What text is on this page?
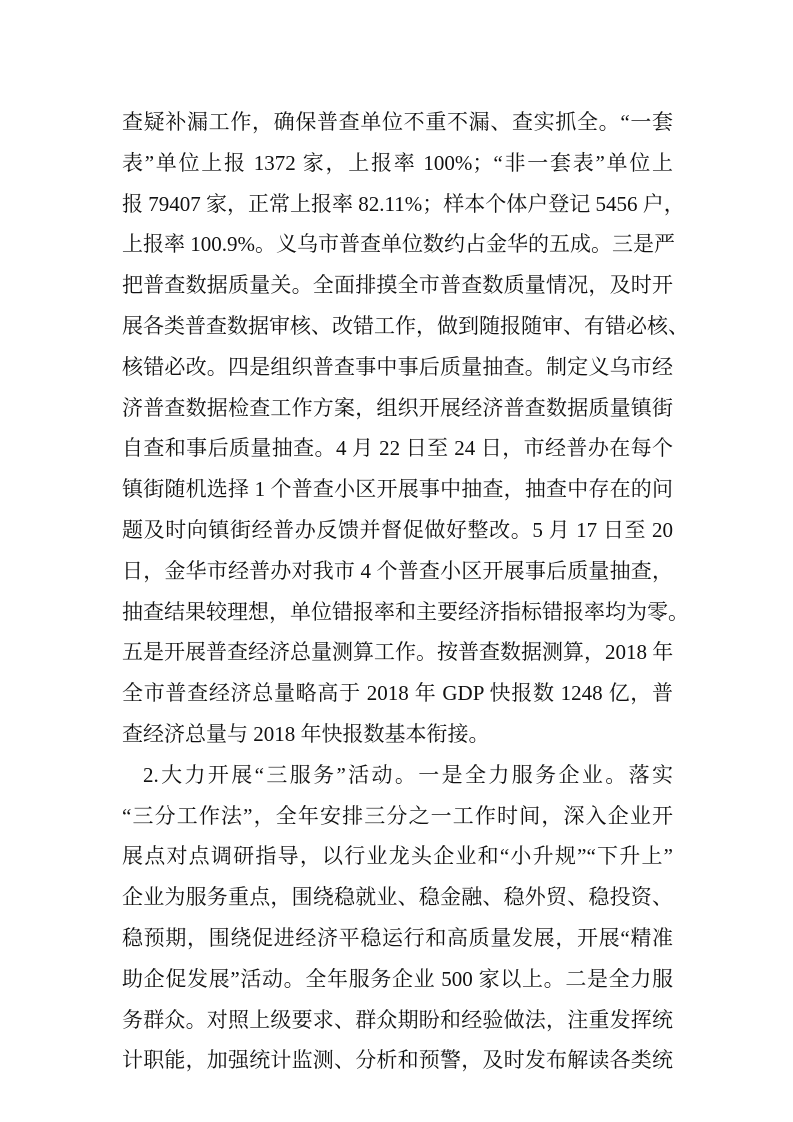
查疑补漏工作，确保普查单位不重不漏、查实抓全。“一套
表”单位上报 1372 家，上报率 100%；“非一套表”单位上
报 79407 家，正常上报率 82.11%；样本个体户登记 5456 户，
上报率 100.9%。义乌市普查单位数约占金华的五成。三是严
把普查数据质量关。全面排摸全市普查数质量情况，及时开
展各类普查数据审核、改错工作，做到随报随审、有错必核、
核错必改。四是组织普查事中事后质量抽查。制定义乌市经
济普查数据检查工作方案，组织开展经济普查数据质量镇街
自查和事后质量抽查。4 月 22 日至 24 日，市经普办在每个
镇街随机选择 1 个普查小区开展事中抽查，抽查中存在的问
题及时向镇街经普办反馈并督促做好整改。5 月 17 日至 20
日，金华市经普办对我市 4 个普查小区开展事后质量抽查，
抽查结果较理想，单位错报率和主要经济指标错报率均为零。
五是开展普查经济总量测算工作。按普查数据测算，2018 年
全市普查经济总量略高于 2018 年 GDP 快报数 1248 亿，普
查经济总量与 2018 年快报数基本衔接。
2.大力开展“三服务”活动。一是全力服务企业。落实
“三分工作法”，全年安排三分之一工作时间，深入企业开
展点对点调研指导，以行业龙头企业和“小升规”“下升上”
企业为服务重点，围绕稳就业、稳金融、稳外贸、稳投资、
稳预期，围绕促进经济平稳运行和高质量发展，开展“精准
助企促发展”活动。全年服务企业 500 家以上。二是全力服
务群众。对照上级要求、群众期盼和经验做法，注重发挥统
计职能，加强统计监测、分析和预警，及时发布解读各类统
